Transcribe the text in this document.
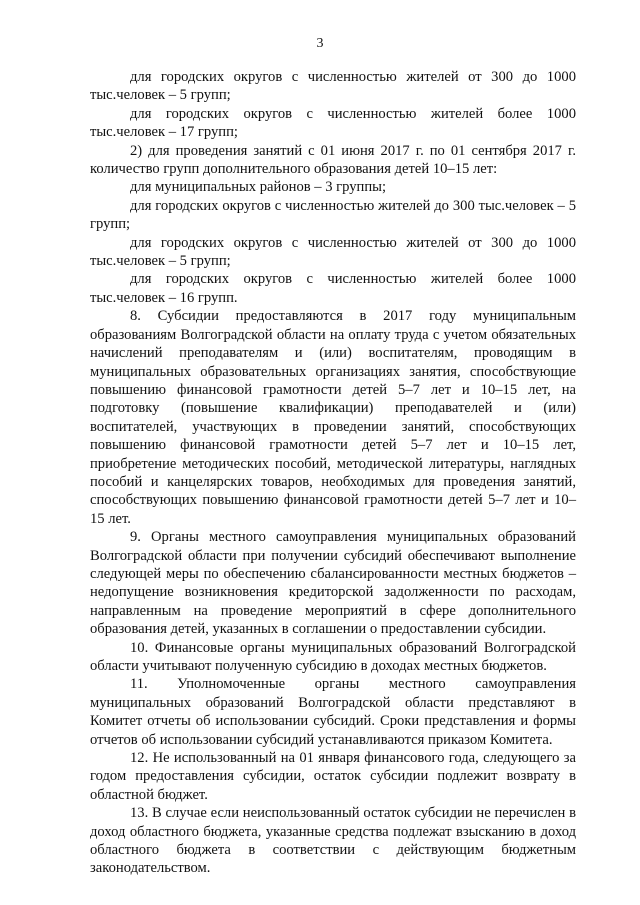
3

для городских округов с численностью жителей от 300 до 1000 тыс.человек – 5 групп;

для городских округов с численностью жителей более 1000 тыс.человек – 17 групп;

2) для проведения занятий с 01 июня 2017 г. по 01 сентября 2017 г. количество групп дополнительного образования детей 10–15 лет:

для муниципальных районов – 3 группы;

для городских округов с численностью жителей до 300 тыс.человек – 5 групп;

для городских округов с численностью жителей от 300 до 1000 тыс.человек – 5 групп;

для городских округов с численностью жителей более 1000 тыс.человек – 16 групп.

8. Субсидии предоставляются в 2017 году муниципальным образованиям Волгоградской области на оплату труда с учетом обязательных начислений преподавателям и (или) воспитателям, проводящим в муниципальных образовательных организациях занятия, способствующие повышению финансовой грамотности детей 5–7 лет и 10–15 лет, на подготовку (повышение квалификации) преподавателей и (или) воспитателей, участвующих в проведении занятий, способствующих повышению финансовой грамотности детей 5–7 лет и 10–15 лет, приобретение методических пособий, методической литературы, наглядных пособий и канцелярских товаров, необходимых для проведения занятий, способствующих повышению финансовой грамотности детей 5–7 лет и 10–15 лет.

9. Органы местного самоуправления муниципальных образований Волгоградской области при получении субсидий обеспечивают выполнение следующей меры по обеспечению сбалансированности местных бюджетов – недопущение возникновения кредиторской задолженности по расходам, направленным на проведение мероприятий в сфере дополнительного образования детей, указанных в соглашении о предоставлении субсидии.

10. Финансовые органы муниципальных образований Волгоградской области учитывают полученную субсидию в доходах местных бюджетов.

11. Уполномоченные органы местного самоуправления муниципальных образований Волгоградской области представляют в Комитет отчеты об использовании субсидий. Сроки представления и формы отчетов об использовании субсидий устанавливаются приказом Комитета.

12. Не использованный на 01 января финансового года, следующего за годом предоставления субсидии, остаток субсидии подлежит возврату в областной бюджет.

13. В случае если неиспользованный остаток субсидии не перечислен в доход областного бюджета, указанные средства подлежат взысканию в доход областного бюджета в соответствии с действующим бюджетным законодательством.
